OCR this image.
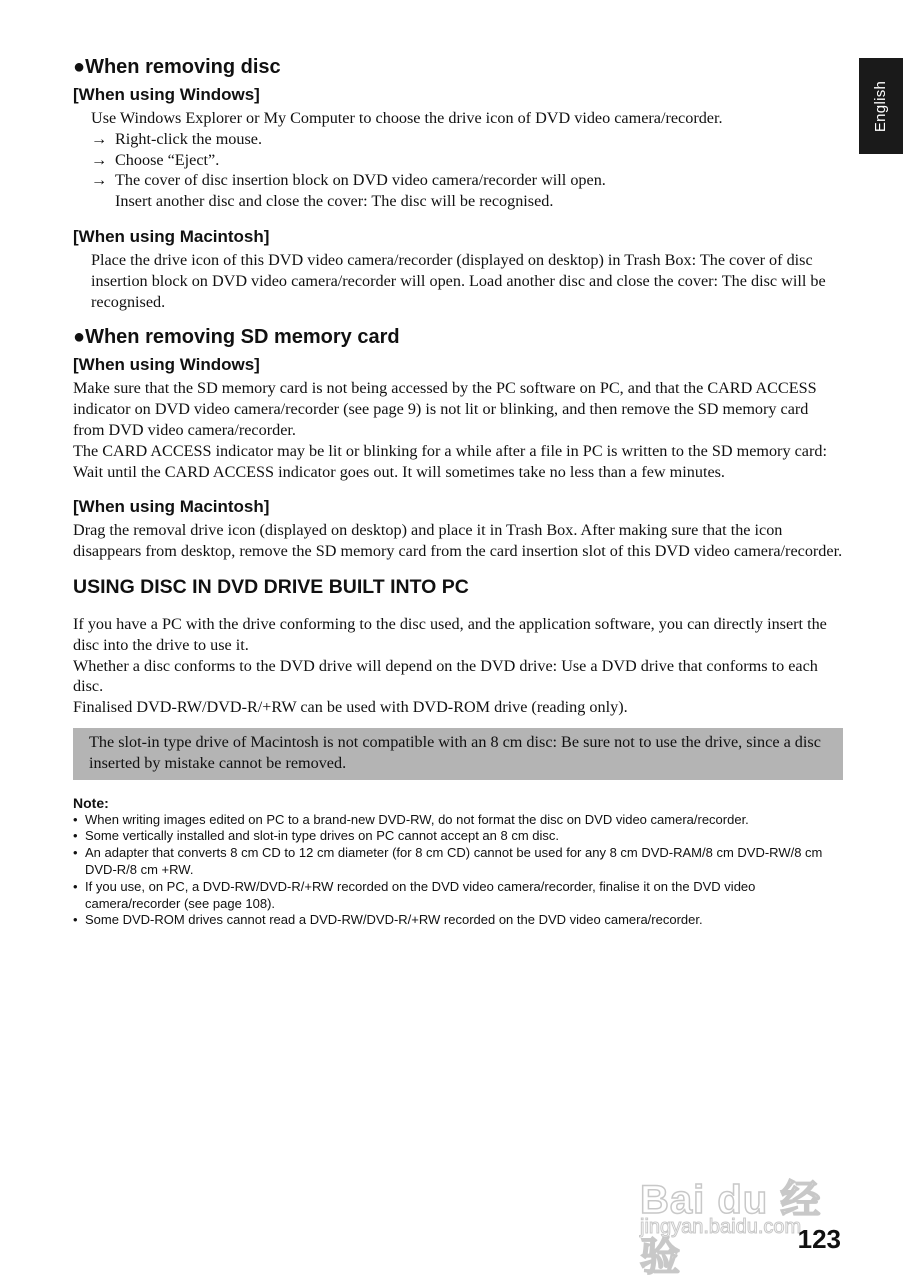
English
●When removing disc
[When using Windows]

Use Windows Explorer or My Computer to choose the drive icon of DVD video camera/recorder.

→ Right-click the mouse.
→ Choose “Eject”.
→ The cover of disc insertion block on DVD video camera/recorder will open.

Insert another disc and close the cover: The disc will be recognised.

[When using Macintosh]

Place the drive icon of this DVD video camera/recorder (displayed on desktop) in Trash Box: The cover of disc insertion block on DVD video camera/recorder will open. Load another disc and close the cover: The disc will be recognised.

●When removing SD memory card
[When using Windows]

Make sure that the SD memory card is not being accessed by the PC software on PC, and that the CARD ACCESS indicator on DVD video camera/recorder (see page 9) is not lit or blinking, and then remove the SD memory card from DVD video camera/recorder.

The CARD ACCESS indicator may be lit or blinking for a while after a file in PC is written to the SD memory card: Wait until the CARD ACCESS indicator goes out. It will sometimes take no less than a few minutes.

[When using Macintosh]

Drag the removal drive icon (displayed on desktop) and place it in Trash Box. After making sure that the icon disappears from desktop, remove the SD memory card from the card insertion slot of this DVD video camera/recorder.

USING DISC IN DVD DRIVE BUILT INTO PC

If you have a PC with the drive conforming to the disc used, and the application software, you can directly insert the disc into the drive to use it.

Whether a disc conforms to the DVD drive will depend on the DVD drive: Use a DVD drive that conforms to each disc.

Finalised DVD-RW/DVD-R/+RW can be used with DVD-ROM drive (reading only).

The slot-in type drive of Macintosh is not compatible with an 8 cm disc: Be sure not to use the drive, since a disc inserted by mistake cannot be removed.

Note:
• When writing images edited on PC to a brand-new DVD-RW, do not format the disc on DVD video camera/recorder.
• Some vertically installed and slot-in type drives on PC cannot accept an 8 cm disc.
• An adapter that converts 8 cm CD to 12 cm diameter (for 8 cm CD) cannot be used for any 8 cm DVD-RAM/8 cm DVD-RW/8 cm DVD-R/8 cm +RW.
• If you use, on PC, a DVD-RW/DVD-R/+RW recorded on the DVD video camera/recorder, finalise it on the DVD video camera/recorder (see page 108).
• Some DVD-ROM drives cannot read a DVD-RW/DVD-R/+RW recorded on the DVD video camera/recorder.
Bai du 经验
jingyan.baidu.com
123
